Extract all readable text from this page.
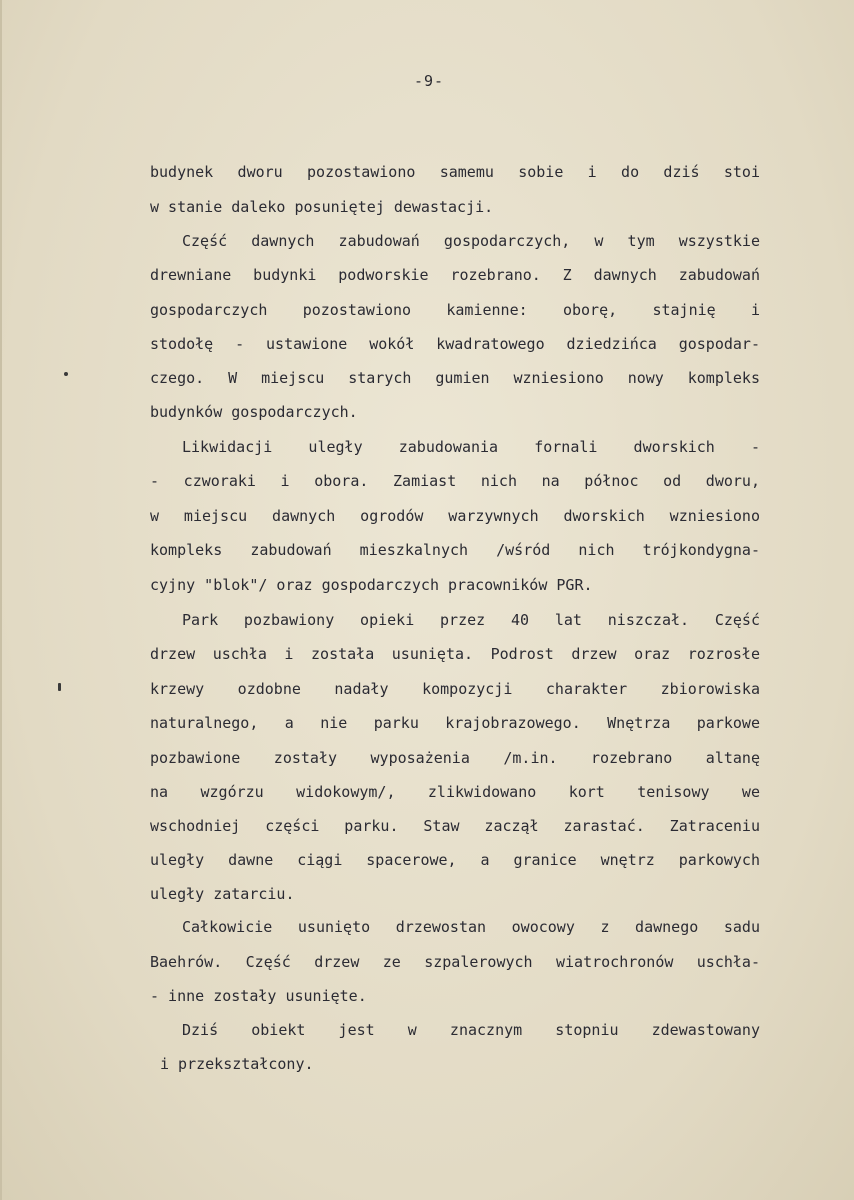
-9-
budynek dworu pozostawiono samemu sobie i do dziś stoi
w stanie daleko posuniętej dewastacji.
Część dawnych zabudowań gospodarczych, w tym wszystkie
drewniane budynki podworskie rozebrano. Z dawnych zabudowań
gospodarczych pozostawiono kamienne: oborę, stajnię i
stodołę - ustawione wokół kwadratowego dziedzińca gospodar-
czego. W miejscu starych gumien wzniesiono nowy kompleks
budynków gospodarczych.
Likwidacji uległy zabudowania fornali dworskich -
- czworaki i obora. Zamiast nich na północ od dworu,
w miejscu dawnych ogrodów warzywnych dworskich wzniesiono
kompleks zabudowań mieszkalnych /wśród nich trójkondygna-
cyjny "blok"/ oraz gospodarczych pracowników PGR.
Park pozbawiony opieki przez 40 lat niszczał. Część
drzew uschła i została usunięta. Podrost drzew oraz rozrosłe
krzewy ozdobne nadały kompozycji charakter zbiorowiska
naturalnego, a nie parku krajobrazowego. Wnętrza parkowe
pozbawione zostały wyposażenia /m.in. rozebrano altanę
na wzgórzu widokowym/, zlikwidowano kort tenisowy we
wschodniej części parku. Staw zaczął zarastać. Zatraceniu
uległy dawne ciągi spacerowe, a granice wnętrz parkowych
uległy zatarciu.
Całkowicie usunięto drzewostan owocowy z dawnego sadu
Baehrów. Część drzew ze szpalerowych wiatrochronów uschła-
- inne zostały usunięte.
Dziś obiekt jest w znacznym stopniu zdewastowany
i przekształcony.
